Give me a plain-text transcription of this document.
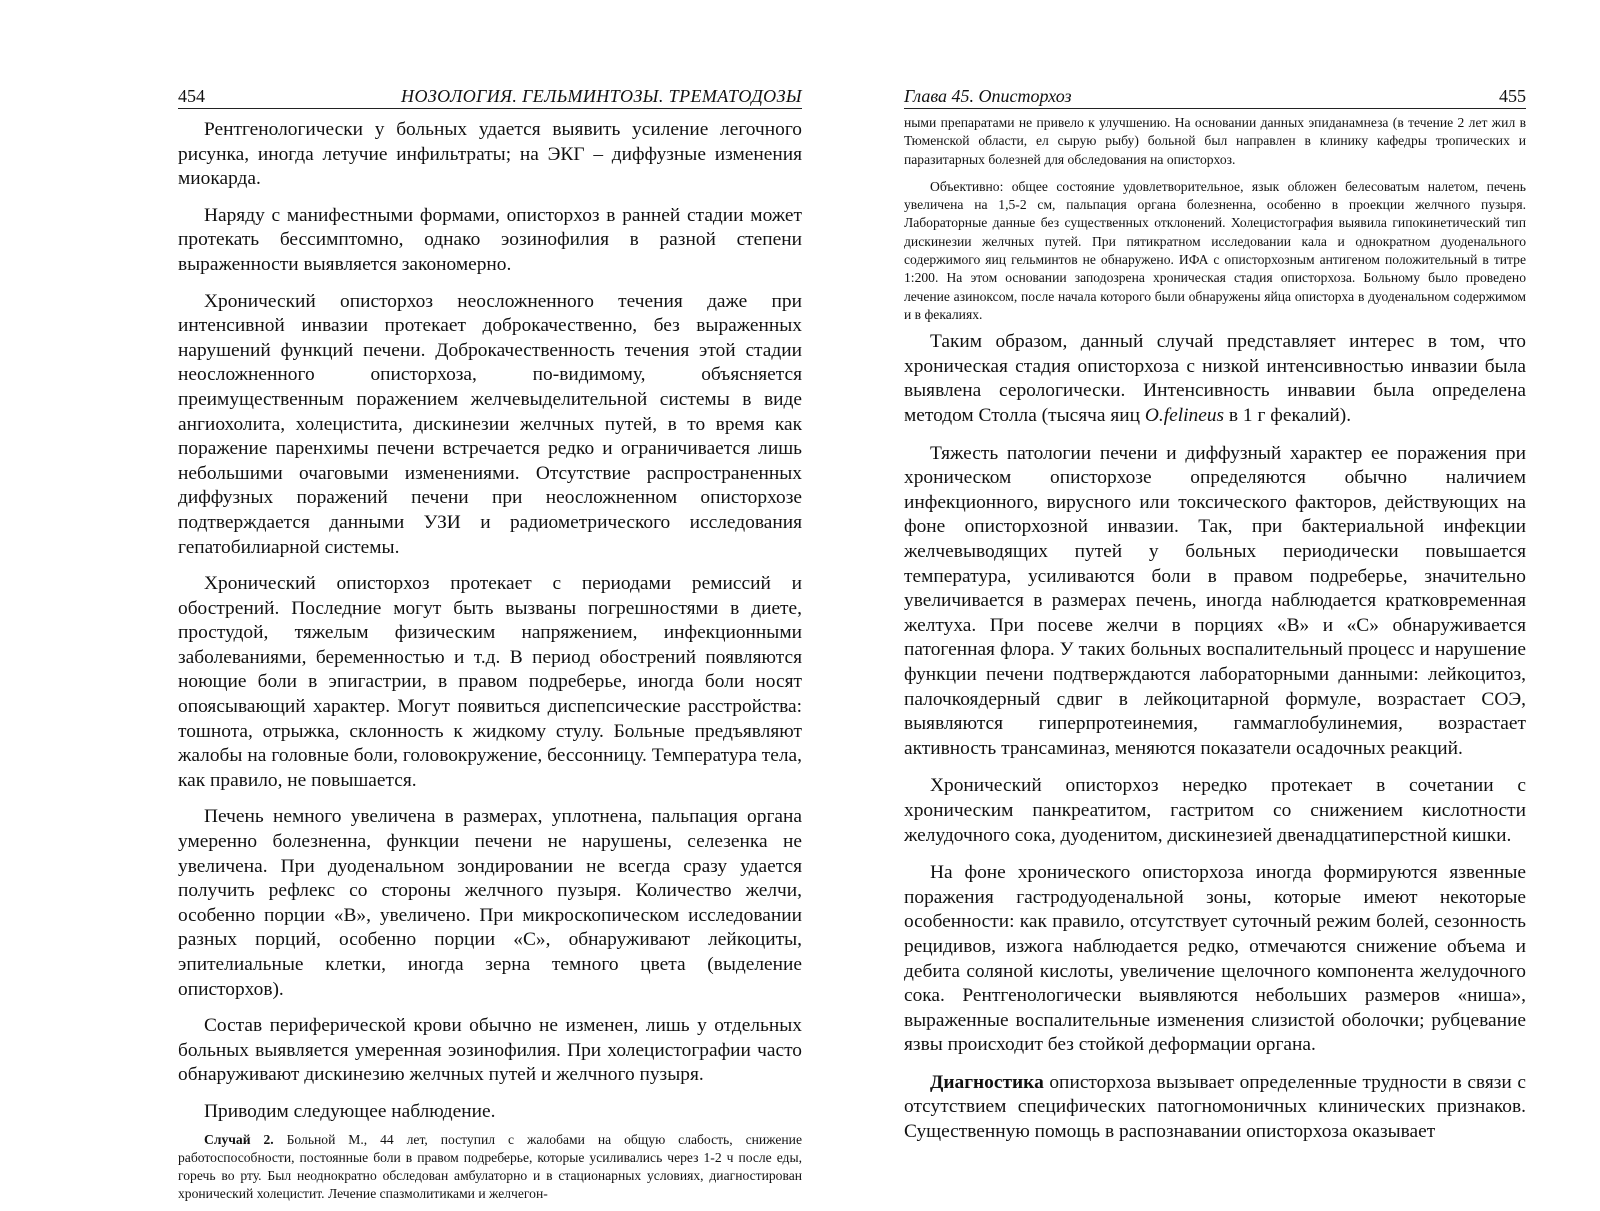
454	НОЗОЛОГИЯ. ГЕЛЬМИНТОЗЫ. ТРЕМАТОДОЗЫ

Рентгенологически у больных удается выявить усиление легочного рисунка, иногда летучие инфильтраты; на ЭКГ – диффузные изменения миокарда.

Наряду с манифестными формами, описторхоз в ранней стадии может протекать бессимптомно, однако эозинофилия в разной степени выраженности выявляется закономерно.

Хронический описторхоз неосложненного течения даже при интенсивной инвазии протекает доброкачественно, без выраженных нарушений функций печени. Доброкачественность течения этой стадии неосложненного описторхоза, по-видимому, объясняется преимущественным поражением желчевыделительной системы в виде ангиохолита, холецистита, дискинезии желчных путей, в то время как поражение паренхимы печени встречается редко и ограничивается лишь небольшими очаговыми изменениями. Отсутствие распространенных диффузных поражений печени при неосложненном описторхозе подтверждается данными УЗИ и радиометрического исследования гепатобилиарной системы.

Хронический описторхоз протекает с периодами ремиссий и обострений. Последние могут быть вызваны погрешностями в диете, простудой, тяжелым физическим напряжением, инфекционными заболеваниями, беременностью и т.д. В период обострений появляются ноющие боли в эпигастрии, в правом подреберье, иногда боли носят опоясывающий характер. Могут появиться диспепсические расстройства: тошнота, отрыжка, склонность к жидкому стулу. Больные предъявляют жалобы на головные боли, головокружение, бессонницу. Температура тела, как правило, не повышается.

Печень немного увеличена в размерах, уплотнена, пальпация органа умеренно болезненна, функции печени не нарушены, селезенка не увеличена. При дуоденальном зондировании не всегда сразу удается получить рефлекс со стороны желчного пузыря. Количество желчи, особенно порции «В», увеличено. При микроскопическом исследовании разных порций, особенно порции «С», обнаруживают лейкоциты, эпителиальные клетки, иногда зерна темного цвета (выделение описторхов).

Состав периферической крови обычно не изменен, лишь у отдельных больных выявляется умеренная эозинофилия. При холецистографии часто обнаруживают дискинезию желчных путей и желчного пузыря.

Приводим следующее наблюдение.

Случай 2. Больной М., 44 лет, поступил с жалобами на общую слабость, снижение работоспособности, постоянные боли в правом подреберье, которые усиливались через 1-2 ч после еды, горечь во рту. Был неоднократно обследован амбулаторно и в стационарных условиях, диагностирован хронический холецистит. Лечение спазмолитиками и желчегон-

Глава 45. Описторхоз	455

ными препаратами не привело к улучшению. На основании данных эпиданамнеза (в течение 2 лет жил в Тюменской области, ел сырую рыбу) больной был направлен в клинику кафедры тропических и паразитарных болезней для обследования на описторхоз.

Объективно: общее состояние удовлетворительное, язык обложен белесоватым налетом, печень увеличена на 1,5-2 см, пальпация органа болезненна, особенно в проекции желчного пузыря. Лабораторные данные без существенных отклонений. Холецистография выявила гипокинетический тип дискинезии желчных путей. При пятикратном исследовании кала и однократном дуоденального содержимого яиц гельминтов не обнаружено. ИФА с описторхозным антигеном положительный в титре 1:200. На этом основании заподозрена хроническая стадия описторхоза. Больному было проведено лечение азиноксом, после начала которого были обнаружены яйца описторха в дуоденальном содержимом и в фекалиях.

Таким образом, данный случай представляет интерес в том, что хроническая стадия описторхоза с низкой интенсивностью инвазии была выявлена серологически. Интенсивность инвавии была определена методом Столла (тысяча яиц O.felineus в 1 г фекалий).

Тяжесть патологии печени и диффузный характер ее поражения при хроническом описторхозе определяются обычно наличием инфекционного, вирусного или токсического факторов, действующих на фоне описторхозной инвазии. Так, при бактериальной инфекции желчевыводящих путей у больных периодически повышается температура, усиливаются боли в правом подреберье, значительно увеличивается в размерах печень, иногда наблюдается кратковременная желтуха. При посеве желчи в порциях «В» и «С» обнаруживается патогенная флора. У таких больных воспалительный процесс и нарушение функции печени подтверждаются лабораторными данными: лейкоцитоз, палочкоядерный сдвиг в лейкоцитарной формуле, возрастает СОЭ, выявляются гиперпротеинемия, гаммаглобулинемия, возрастает активность трансаминаз, меняются показатели осадочных реакций.

Хронический описторхоз нередко протекает в сочетании с хроническим панкреатитом, гастритом со снижением кислотности желудочного сока, дуоденитом, дискинезией двенадцатиперстной кишки.

На фоне хронического описторхоза иногда формируются язвенные поражения гастродуоденальной зоны, которые имеют некоторые особенности: как правило, отсутствует суточный режим болей, сезонность рецидивов, изжога наблюдается редко, отмечаются снижение объема и дебита соляной кислоты, увеличение щелочного компонента желудочного сока. Рентгенологически выявляются небольших размеров «ниша», выраженные воспалительные изменения слизистой оболочки; рубцевание язвы происходит без стойкой деформации органа.

Диагностика описторхоза вызывает определенные трудности в связи с отсутствием специфических патогномоничных клинических признаков. Существенную помощь в распознавании описторхоза оказывает
